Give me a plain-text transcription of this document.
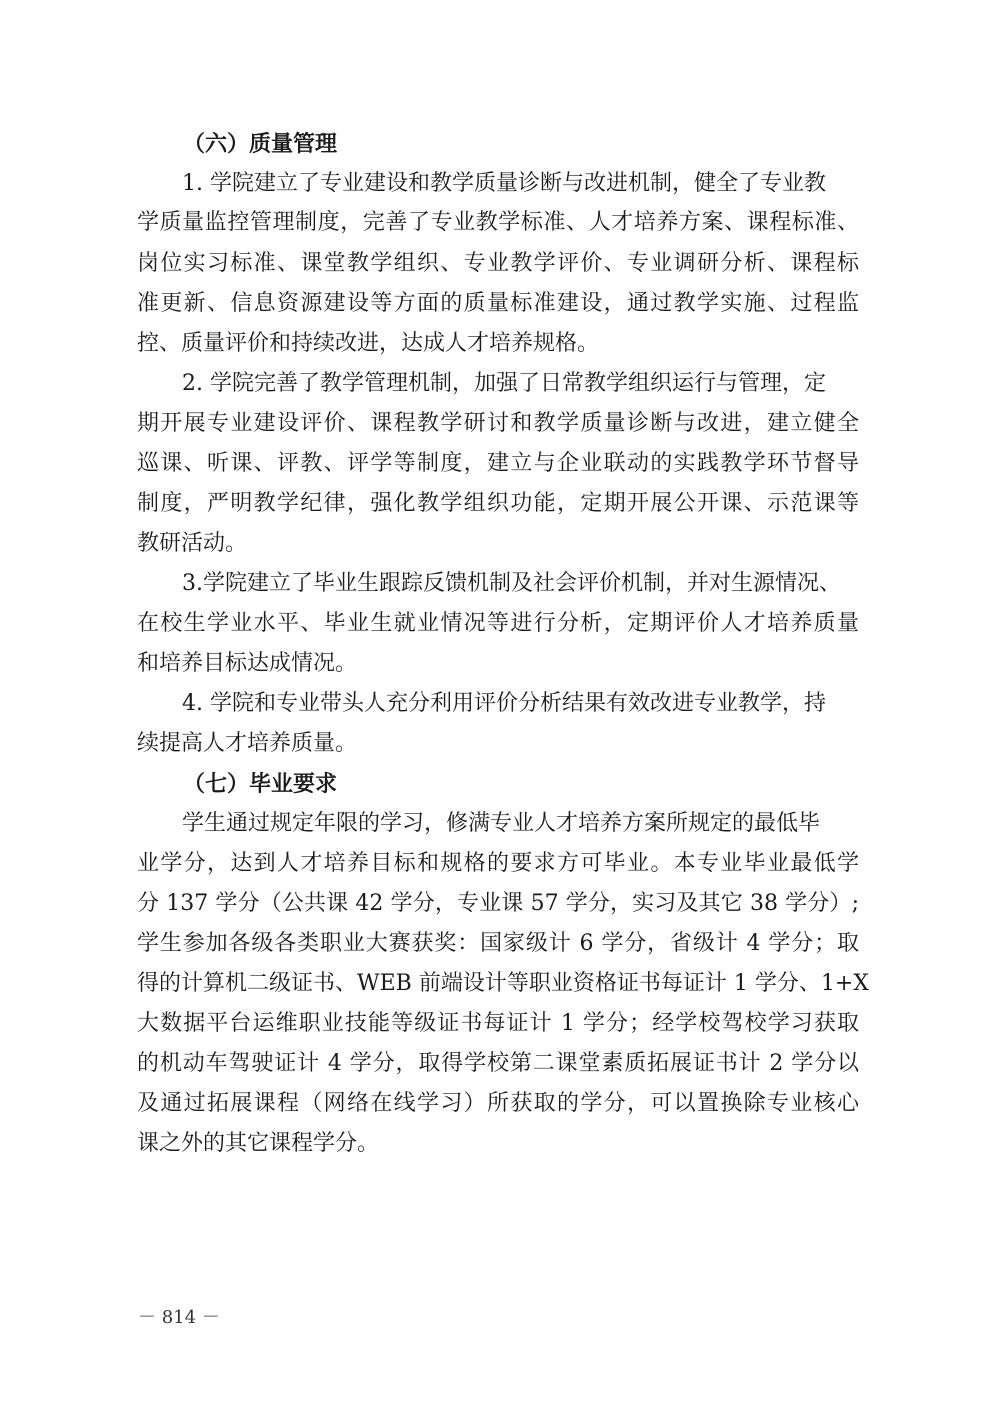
（六）质量管理
1. 学院建立了专业建设和教学质量诊断与改进机制，健全了专业教
学质量监控管理制度，完善了专业教学标准、人才培养方案、课程标准、
岗位实习标准、课堂教学组织、专业教学评价、专业调研分析、课程标
准更新、信息资源建设等方面的质量标准建设，通过教学实施、过程监
控、质量评价和持续改进，达成人才培养规格。
2. 学院完善了教学管理机制，加强了日常教学组织运行与管理，定
期开展专业建设评价、课程教学研讨和教学质量诊断与改进，建立健全
巡课、听课、评教、评学等制度，建立与企业联动的实践教学环节督导
制度，严明教学纪律，强化教学组织功能，定期开展公开课、示范课等
教研活动。
3.学院建立了毕业生跟踪反馈机制及社会评价机制，并对生源情况、
在校生学业水平、毕业生就业情况等进行分析，定期评价人才培养质量
和培养目标达成情况。
4. 学院和专业带头人充分利用评价分析结果有效改进专业教学，持
续提高人才培养质量。
（七）毕业要求
学生通过规定年限的学习，修满专业人才培养方案所规定的最低毕
业学分，达到人才培养目标和规格的要求方可毕业。本专业毕业最低学
分 137 学分（公共课 42 学分，专业课 57 学分，实习及其它 38 学分）;
学生参加各级各类职业大赛获奖：国家级计 6 学分，省级计 4 学分；取
得的计算机二级证书、WEB 前端设计等职业资格证书每证计 1 学分、1+X
大数据平台运维职业技能等级证书每证计 1 学分；经学校驾校学习获取
的机动车驾驶证计 4 学分，取得学校第二课堂素质拓展证书计 2 学分以
及通过拓展课程（网络在线学习）所获取的学分，可以置换除专业核心
课之外的其它课程学分。
－ 814 －
